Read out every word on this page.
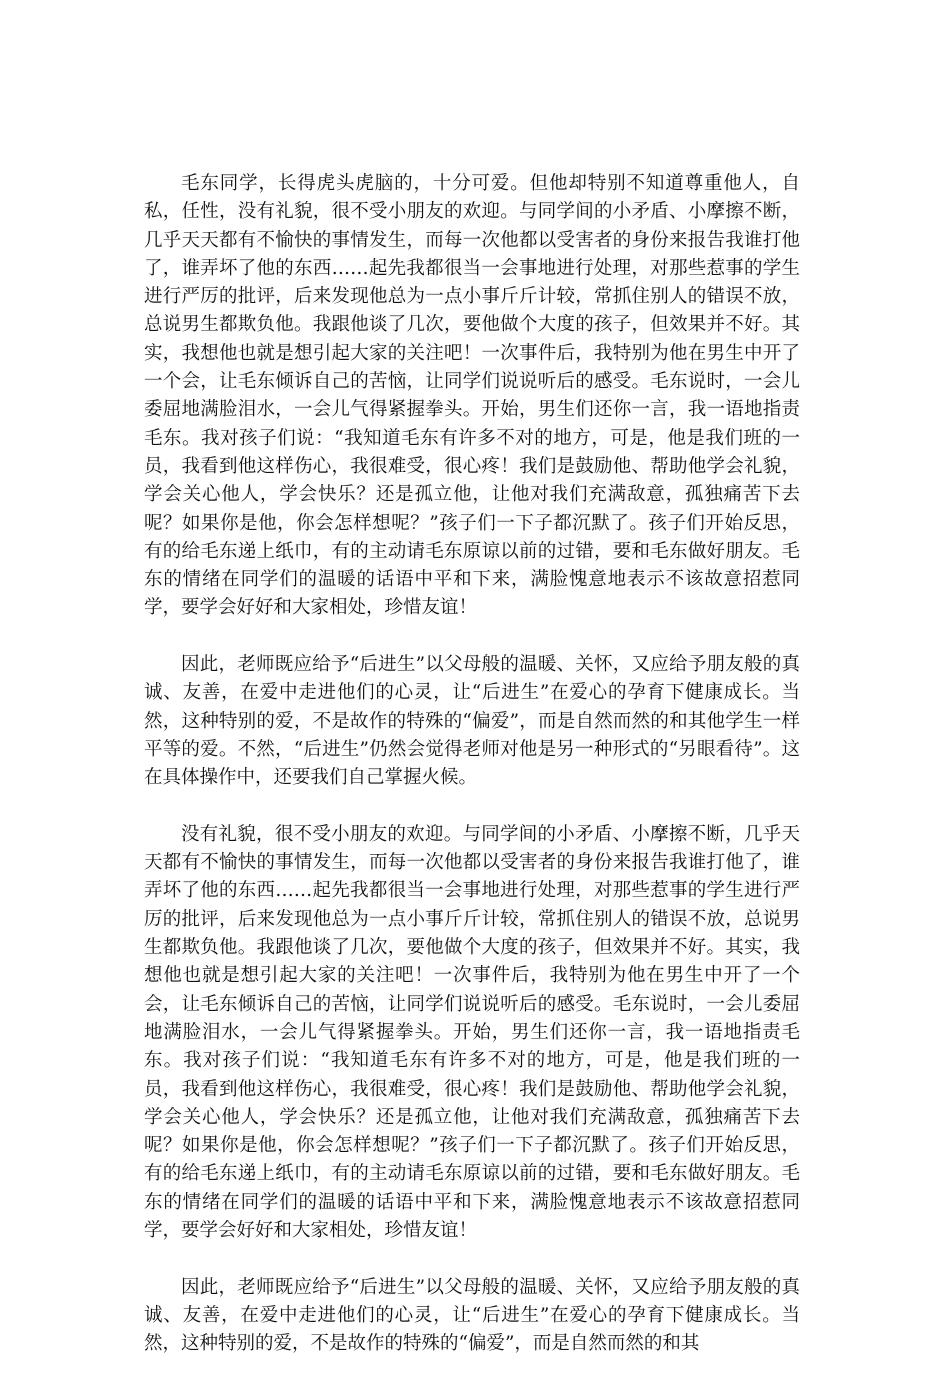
毛东同学，长得虎头虎脑的，十分可爱。但他却特别不知道尊重他人，自私，任性，没有礼貌，很不受小朋友的欢迎。与同学间的小矛盾、小摩擦不断，几乎天天都有不愉快的事情发生，而每一次他都以受害者的身份来报告我谁打他了，谁弄坏了他的东西……起先我都很当一会事地进行处理，对那些惹事的学生进行严厉的批评，后来发现他总为一点小事斤斤计较，常抓住别人的错误不放，总说男生都欺负他。我跟他谈了几次，要他做个大度的孩子，但效果并不好。其实，我想他也就是想引起大家的关注吧！一次事件后，我特别为他在男生中开了一个会，让毛东倾诉自己的苦恼，让同学们说说听后的感受。毛东说时，一会儿委屈地满脸泪水，一会儿气得紧握拳头。开始，男生们还你一言，我一语地指责毛东。我对孩子们说：“我知道毛东有许多不对的地方，可是，他是我们班的一员，我看到他这样伤心，我很难受，很心疼！我们是鼓励他、帮助他学会礼貌，学会关心他人，学会快乐？还是孤立他，让他对我们充满敌意，孤独痛苦下去呢？如果你是他，你会怎样想呢？”孩子们一下子都沉默了。孩子们开始反思，有的给毛东递上纸巾，有的主动请毛东原谅以前的过错，要和毛东做好朋友。毛东的情绪在同学们的温暖的话语中平和下来，满脸愧意地表示不该故意招惹同学，要学会好好和大家相处，珍惜友谊！

因此，老师既应给予“后进生”以父母般的温暖、关怀，又应给予朋友般的真诚、友善，在爱中走进他们的心灵，让“后进生”在爱心的孕育下健康成长。当然，这种特别的爱，不是故作的特殊的“偏爱”，而是自然而然的和其他学生一样平等的爱。不然，“后进生”仍然会觉得老师对他是另一种形式的“另眼看待”。这在具体操作中，还要我们自己掌握火候。

没有礼貌，很不受小朋友的欢迎。与同学间的小矛盾、小摩擦不断，几乎天天都有不愉快的事情发生，而每一次他都以受害者的身份来报告我谁打他了，谁弄坏了他的东西……起先我都很当一会事地进行处理，对那些惹事的学生进行严厉的批评，后来发现他总为一点小事斤斤计较，常抓住别人的错误不放，总说男生都欺负他。我跟他谈了几次，要他做个大度的孩子，但效果并不好。其实，我想他也就是想引起大家的关注吧！一次事件后，我特别为他在男生中开了一个会，让毛东倾诉自己的苦恼，让同学们说说听后的感受。毛东说时，一会儿委屈地满脸泪水，一会儿气得紧握拳头。开始，男生们还你一言，我一语地指责毛东。我对孩子们说：“我知道毛东有许多不对的地方，可是，他是我们班的一员，我看到他这样伤心，我很难受，很心疼！我们是鼓励他、帮助他学会礼貌，学会关心他人，学会快乐？还是孤立他，让他对我们充满敌意，孤独痛苦下去呢？如果你是他，你会怎样想呢？”孩子们一下子都沉默了。孩子们开始反思，有的给毛东递上纸巾，有的主动请毛东原谅以前的过错，要和毛东做好朋友。毛东的情绪在同学们的温暖的话语中平和下来，满脸愧意地表示不该故意招惹同学，要学会好好和大家相处，珍惜友谊！

因此，老师既应给予“后进生”以父母般的温暖、关怀，又应给予朋友般的真诚、友善，在爱中走进他们的心灵，让“后进生”在爱心的孕育下健康成长。当然，这种特别的爱，不是故作的特殊的“偏爱”，而是自然而然的和其
